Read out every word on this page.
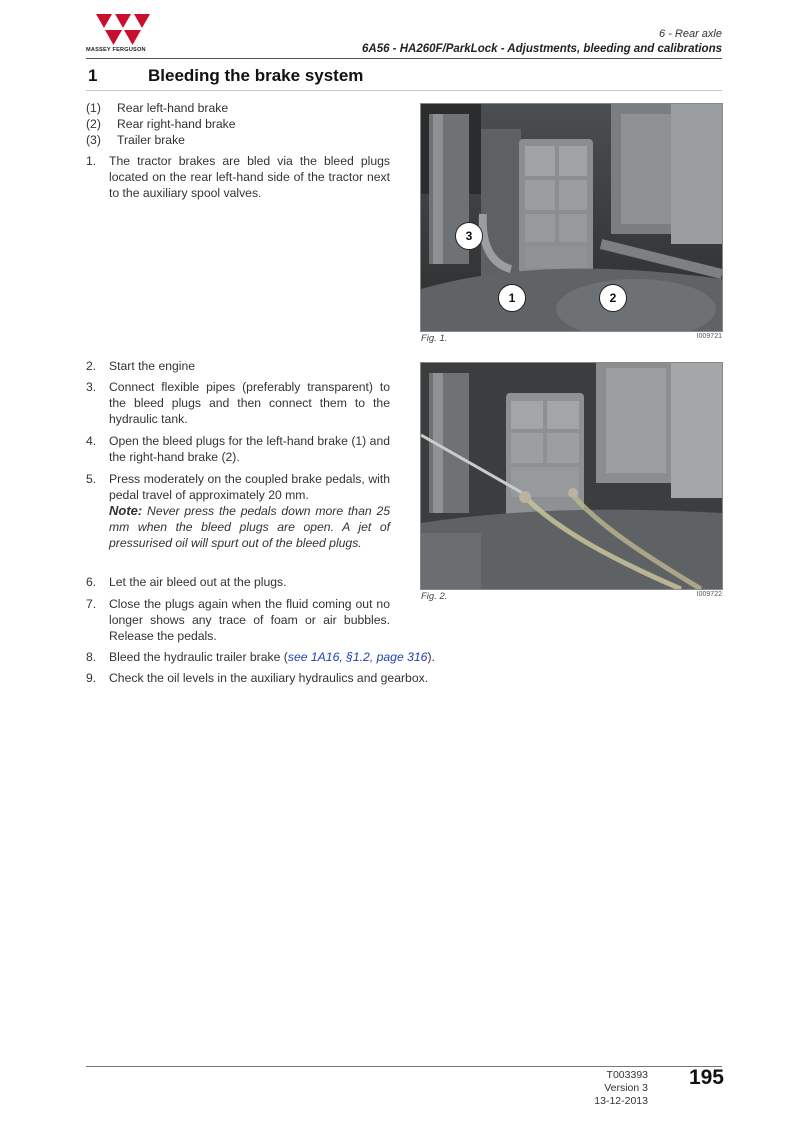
MASSEY FERGUSON
6 - Rear axle
6A56 - HA260F/ParkLock - Adjustments, bleeding and calibrations
1	Bleeding the brake system
(1)	Rear left-hand brake
(2)	Rear right-hand brake
(3)	Trailer brake
1.	The tractor brakes are bled via the bleed plugs located on the rear left-hand side of the tractor next to the auxiliary spool valves.
2.	Start the engine
3.	Connect flexible pipes (preferably transparent) to the bleed plugs and then connect them to the hydraulic tank.
4.	Open the bleed plugs for the left-hand brake (1) and the right-hand brake (2).
5.	Press moderately on the coupled brake pedals, with pedal travel of approximately 20 mm.
Note: Never press the pedals down more than 25 mm when the bleed plugs are open. A jet of pressurised oil will spurt out of the bleed plugs.
6.	Let the air bleed out at the plugs.
7.	Close the plugs again when the fluid coming out no longer shows any trace of foam or air bubbles. Release the pedals.
8.	Bleed the hydraulic trailer brake (see 1A16, §1.2, page 316).
9.	Check the oil levels in the auxiliary hydraulics and gearbox.
3
1	2
Fig. 1.	I009721
Fig. 2.	I009722
T003393
Version 3
13-12-2013
195
